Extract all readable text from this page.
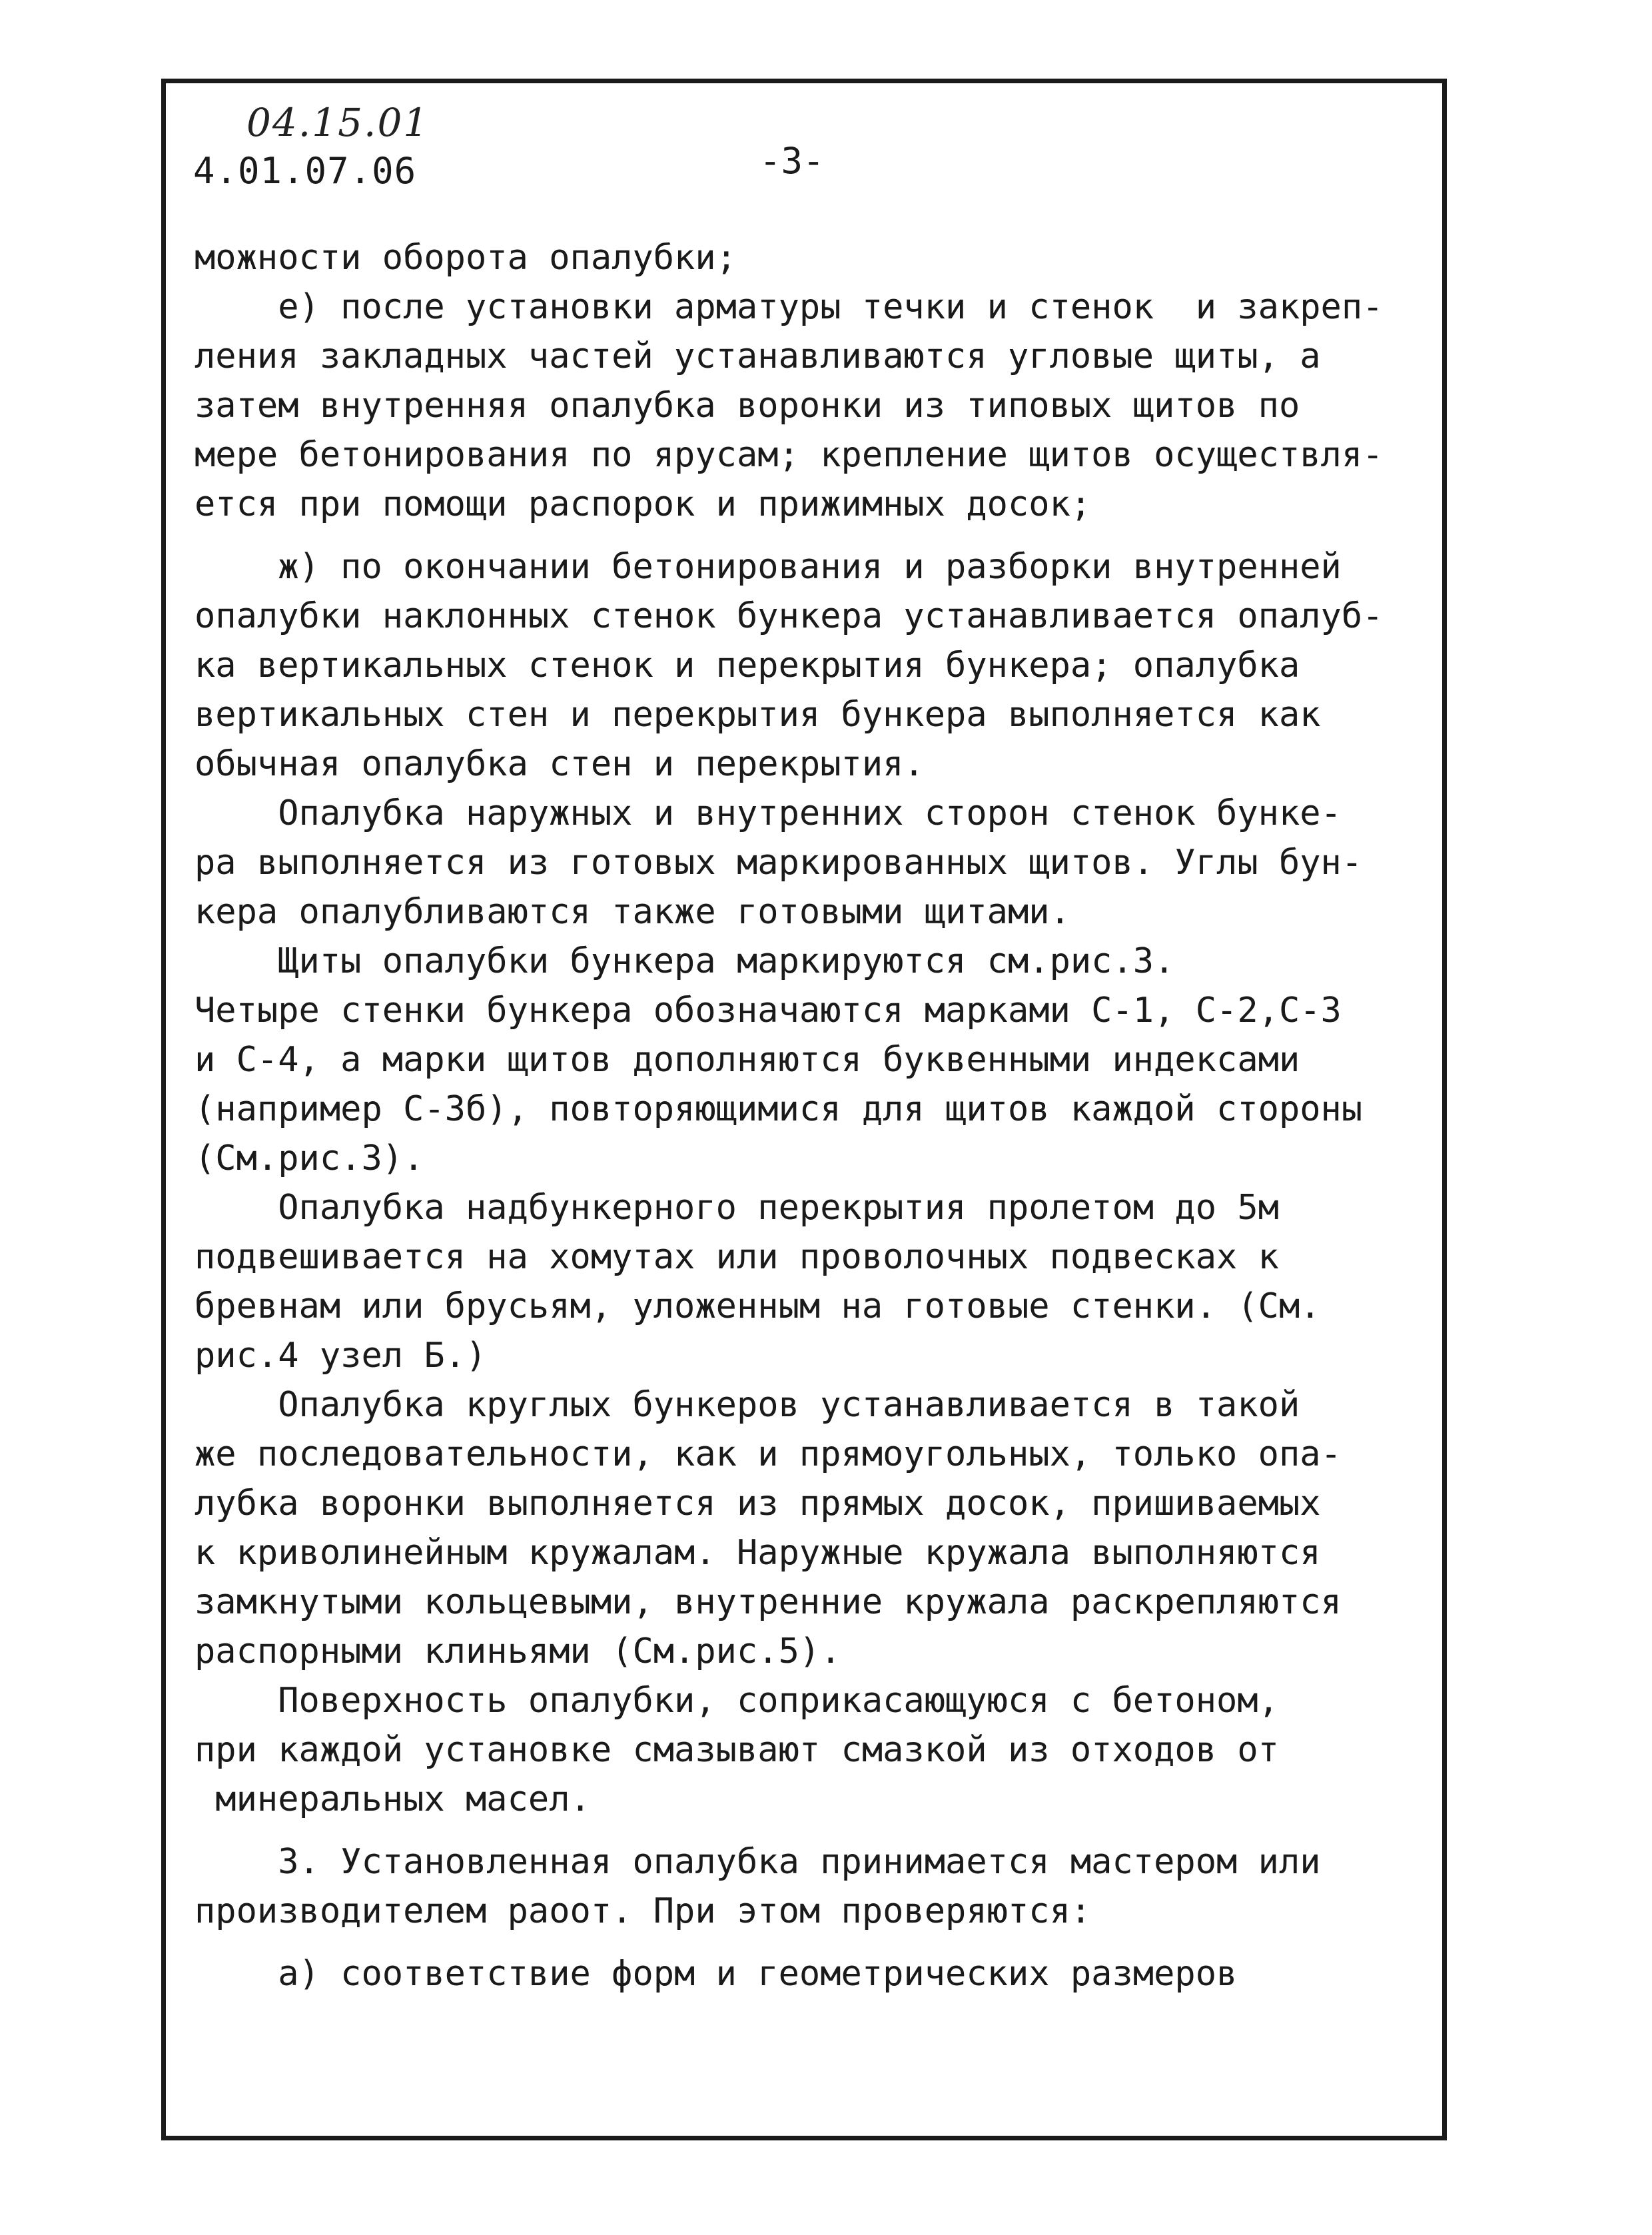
04.15.01
4.01.07.06	-3-
можности оборота опалубки;
е) после установки арматуры течки и стенок  и закреп-
ления закладных частей устанавливаются угловые щиты, а
затем внутренняя опалубка воронки из типовых щитов по
мере бетонирования по ярусам; крепление щитов осуществля-
ется при помощи распорок и прижимных досок;
ж) по окончании бетонирования и разборки внутренней
опалубки наклонных стенок бункера устанавливается опалуб-
ка вертикальных стенок и перекрытия бункера; опалубка
вертикальных стен и перекрытия бункера выполняется как
обычная опалубка стен и перекрытия.
Опалубка наружных и внутренних сторон стенок бунке-
ра выполняется из готовых маркированных щитов. Углы бун-
кера опалубливаются также готовыми щитами.
Щиты опалубки бункера маркируются см.рис.3.
Четыре стенки бункера обозначаются марками С-1, С-2,С-3
и С-4, а марки щитов дополняются буквенными индексами
(например С-3б), повторяющимися для щитов каждой стороны
(См.рис.3).
Опалубка надбункерного перекрытия пролетом до 5м
подвешивается на хомутах или проволочных подвесках к
бревнам или брусьям, уложенным на готовые стенки. (См.
рис.4 узел Б.)
Опалубка круглых бункеров устанавливается в такой
же последовательности, как и прямоугольных, только опа-
лубка воронки выполняется из прямых досок, пришиваемых
к криволинейным кружалам. Наружные кружала выполняются
замкнутыми кольцевыми, внутренние кружала раскрепляются
распорными клиньями (См.рис.5).
Поверхность опалубки, соприкасающуюся с бетоном,
при каждой установке смазывают смазкой из отходов от
минеральных масел.
3. Установленная опалубка принимается мастером или
производителем раоот. При этом проверяются:
а) соответствие форм и геометрических размеров
